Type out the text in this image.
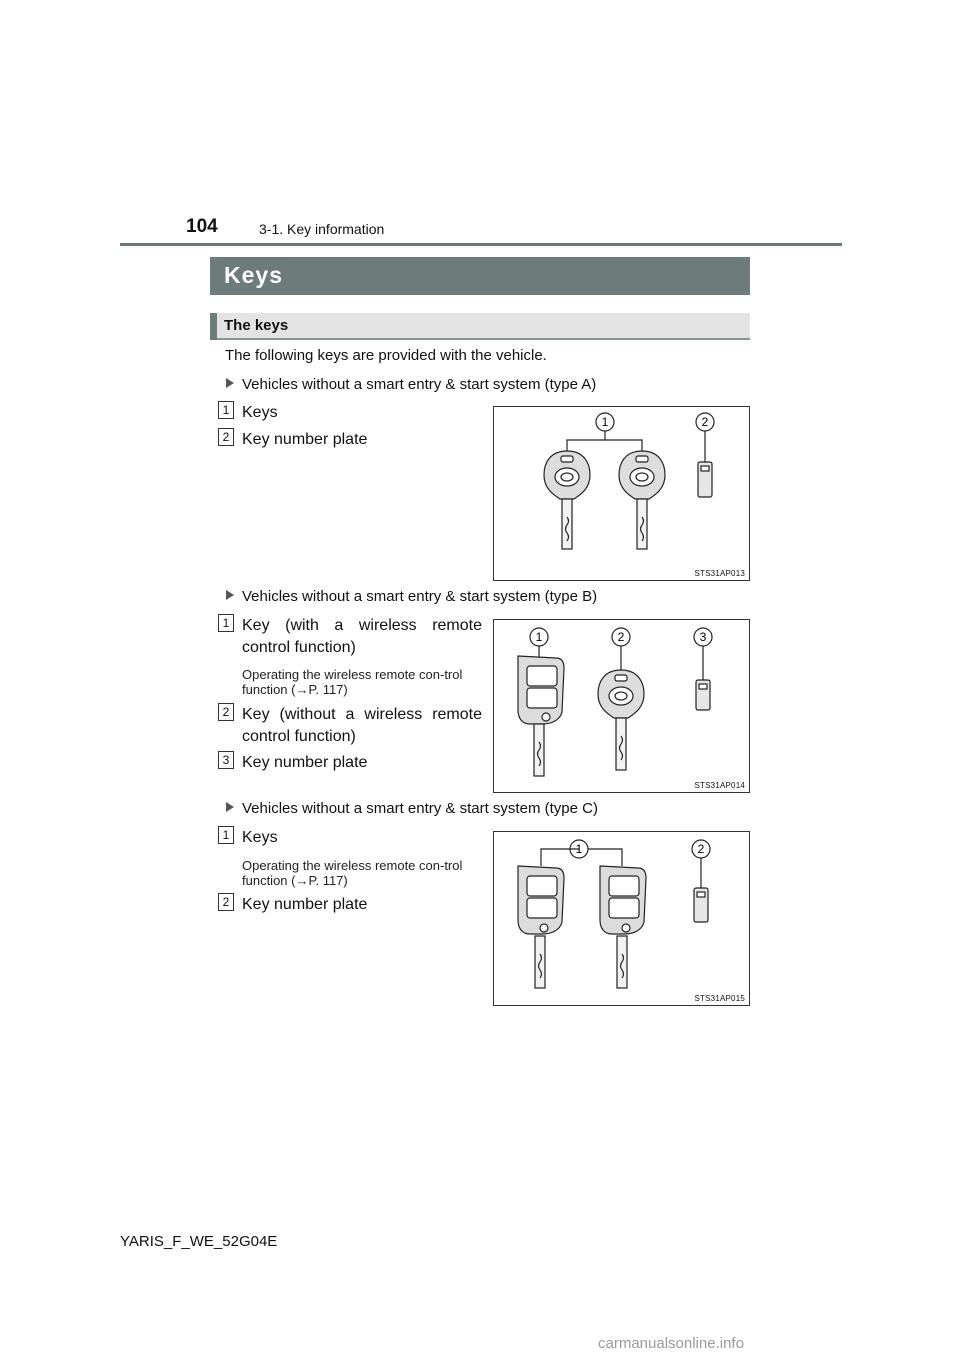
104	3-1. Key information
Keys
The keys
The following keys are provided with the vehicle.
Vehicles without a smart entry & start system (type A)
1 Keys
2 Key number plate
1	2
STS31AP013
Vehicles without a smart entry & start system (type B)
1 Key (with a wireless remote control function)
Operating the wireless remote con-trol function (→P. 117)
2 Key (without a wireless remote control function)
3 Key number plate
1	2	3
STS31AP014
Vehicles without a smart entry & start system (type C)
1 Keys
Operating the wireless remote con-trol function (→P. 117)
2 Key number plate
1	2
STS31AP015
YARIS_F_WE_52G04E
carmanualsonline.info
